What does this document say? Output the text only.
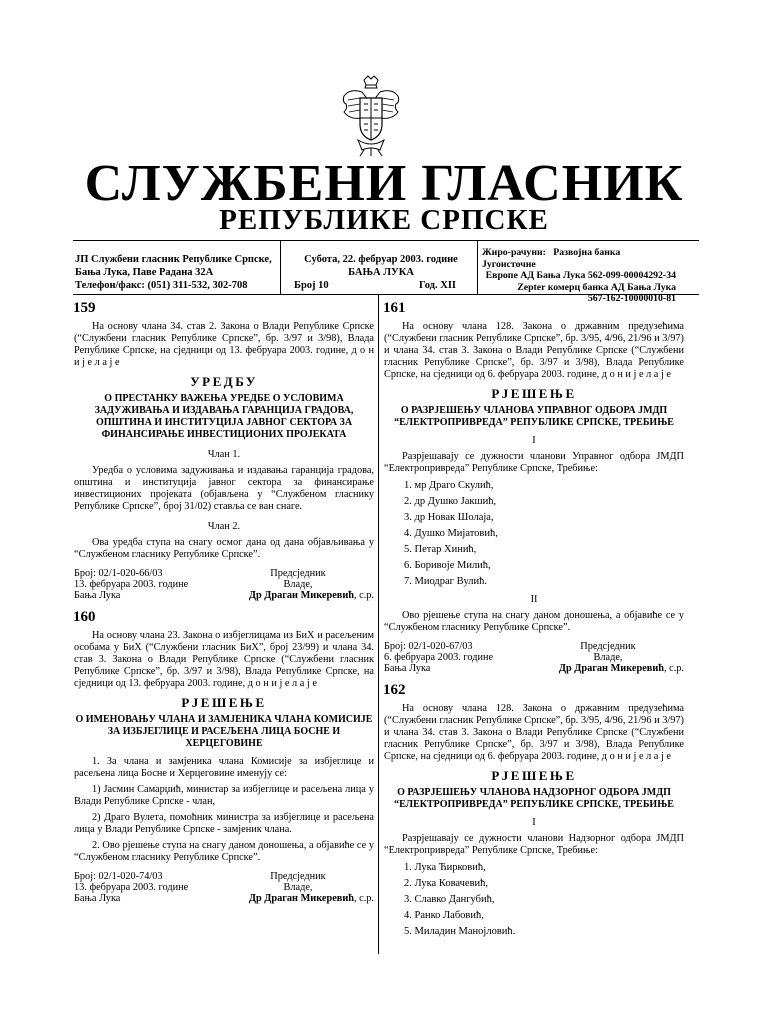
СЛУЖБЕНИ ГЛАСНИК
РЕПУБЛИКЕ СРПСКЕ
ЈП Службени гласник Републике Српске,
Бања Лука, Паве Радана 32А
Телефон/факс: (051) 311-532, 302-708
Субота, 22. фебруар 2003. године
БАЊА ЛУКА
Број 10	Год. XII
Жиро-рачуни: Развојна банка Југоисточне
Европе АД Бања Лука 562-099-00004292-34
Zepter комерц банка АД Бања Лука
567-162-10000010-81
159

На основу члана 34. став 2. Закона о Влади Републике Српске (“Службени гласник Републике Српске”, бр. 3/97 и 3/98), Влада Републике Српске, на сједници од 13. фебруара 2003. године, д о н и ј е л а ј е

УРЕДБУ
О ПРЕСТАНКУ ВАЖЕЊА УРЕДБЕ О УСЛОВИМА ЗАДУЖИВАЊА И ИЗДАВАЊА ГАРАНЦИЈА ГРАДОВА, ОПШТИНА И ИНСТИТУЦИЈА ЈАВНОГ СЕКТОРА ЗА ФИНАНСИРАЊЕ ИНВЕСТИЦИОНИХ ПРОЈЕКАТА

Члан 1.

Уредба о условима задуживања и издавања гаранција градова, општина и институција јавног сектора за финансирање инвестиционих пројеката (објављена у “Службеном гласнику Републике Српске”, број 31/02) ставља се ван снаге.

Члан 2.

Ова уредба ступа на снагу осмог дана од дана објављивања у “Службеном гласнику Републике Српске”.

Број: 02/1-020-66/03	Предсједник
13. фебруара 2003. године	Владе,
Бања Лука	Др Драган Микеревић, с.р.
160

На основу члана 23. Закона о избјеглицама из БиХ и расељеним особама у БиХ (“Службени гласник БиХ”, број 23/99) и члана 34. став 3. Закона о Влади Републике Српске (“Службени гласник Републике Српске”, бр. 3/97 и 3/98), Влада Републике Српске, на сједници од 13. фебруара 2003. године, д о н и ј е л а ј е

РЈЕШЕЊЕ
О ИМЕНОВАЊУ ЧЛАНА И ЗАМЈЕНИКА ЧЛАНА КОМИСИЈЕ ЗА ИЗБЈЕГЛИЦЕ И РАСЕЉЕНА ЛИЦА БОСНЕ И ХЕРЦЕГОВИНЕ

1. За члана и замјеника члана Комисије за избјеглице и расељена лица Босне и Херцеговине именују се:

1) Јасмин Самарџић, министар за избјеглице и расељена лица у Влади Републике Српске - члан,

2) Драго Вулета, помоћник министра за избјеглице и расељена лица у Влади Републике Српске - замјеник члана.

2. Ово рјешење ступа на снагу даном доношења, а објавиће се у “Службеном гласнику Републике Српске”.

Број: 02/1-020-74/03	Предсједник
13. фебруара 2003. године	Владе,
Бања Лука	Др Драган Микеревић, с.р.
161

На основу члана 128. Закона о државним предузећима (“Службени гласник Републике Српске”, бр. 3/95, 4/96, 21/96 и 3/97) и члана 34. став 3. Закона о Влади Републике Српске (“Службени гласник Републике Српске”, бр. 3/97 и 3/98), Влада Републике Српске, на сједници од 6. фебруара 2003. године, д о н и ј е л а ј е

РЈЕШЕЊЕ
О РАЗРЈЕШЕЊУ ЧЛАНОВА УПРАВНОГ ОДБОРА ЈМДП “ЕЛЕКТРОПРИВРЕДА” РЕПУБЛИКЕ СРПСКЕ, ТРЕБИЊЕ

I

Разрјешавају се дужности чланови Управног одбора ЈМДП “Електропривреда” Републике Српске, Требиње:

1. мр Драго Скулић,
2. др Душко Јакшић,
3. др Новак Шолаја,
4. Душко Мијатовић,
5. Петар Хинић,
6. Боривоје Милић,
7. Миодраг Вулић.

II

Ово рјешење ступа на снагу даном доношења, а објавиће се у “Службеном гласнику Републике Српске”.

Број: 02/1-020-67/03	Предсједник
6. фебруара 2003. године	Владе,
Бања Лука	Др Драган Микеревић, с.р.
162

На основу члана 128. Закона о државним предузећима (“Службени гласник Републике Српске”, бр. 3/95, 4/96, 21/96 и 3/97) и члана 34. став 3. Закона о Влади Републике Српске (“Службени гласник Републике Српске”, бр. 3/97 и 3/98), Влада Републике Српске, на сједници од 6. фебруара 2003. године, д о н и ј е л а ј е

РЈЕШЕЊЕ
О РАЗРЈЕШЕЊУ ЧЛАНОВА НАДЗОРНОГ ОДБОРА ЈМДП “ЕЛЕКТРОПРИВРЕДА” РЕПУБЛИКЕ СРПСКЕ, ТРЕБИЊЕ

I

Разрјешавају се дужности чланови Надзорног одбора ЈМДП “Електропривреда” Републике Српске, Требиње:

1. Лука Ћирковић,
2. Лука Ковачевић,
3. Славко Дангубић,
4. Ранко Лабовић,
5. Миладин Манојловић.
